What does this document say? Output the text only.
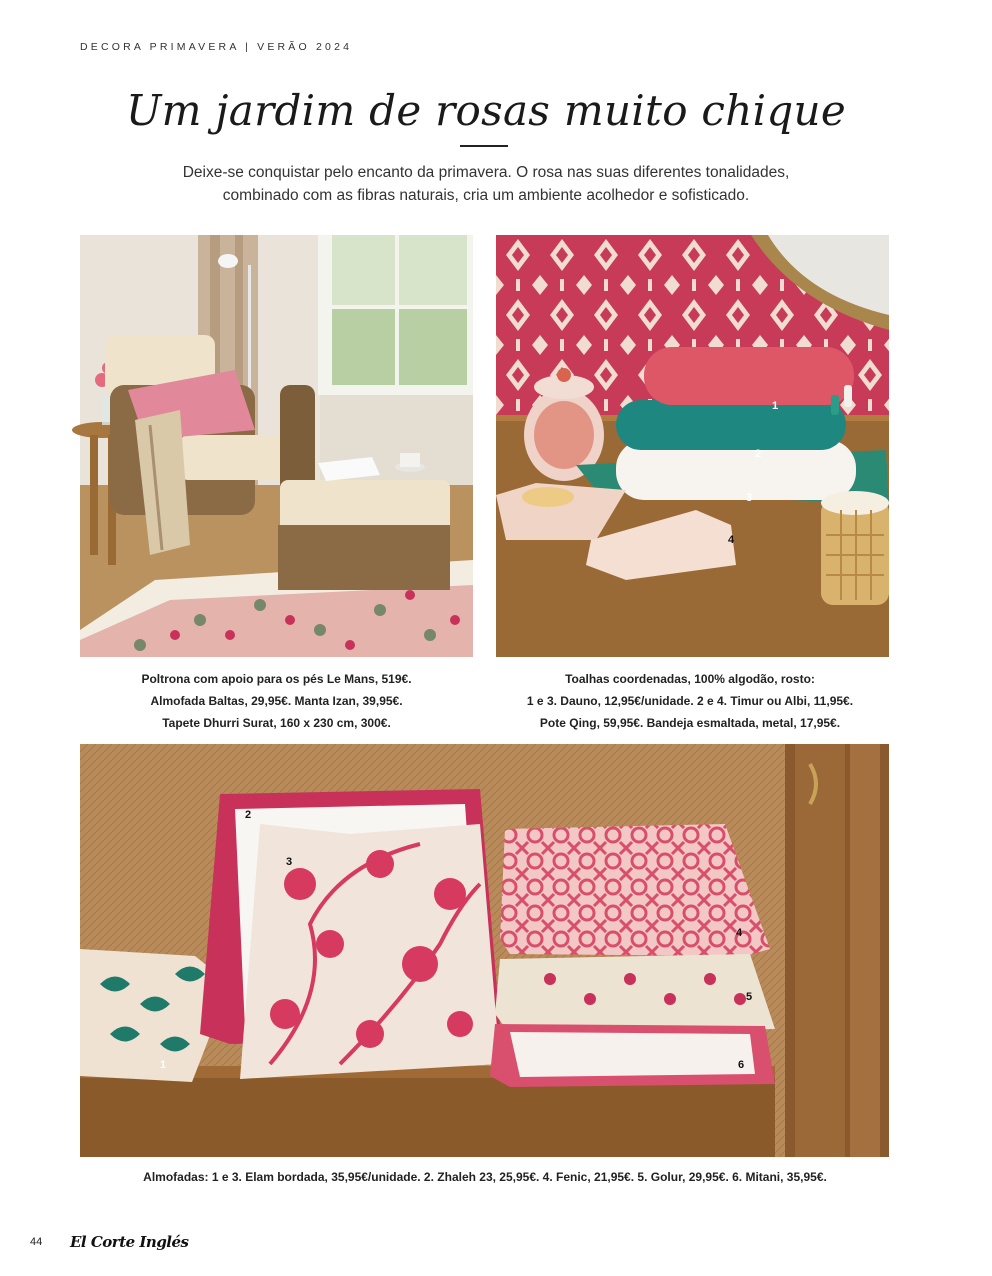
DECORA PRIMAVERA | VERÃO 2024
Um jardim de rosas muito chique

Deixe-se conquistar pelo encanto da primavera. O rosa nas suas diferentes tonalidades,
combinado com as fibras naturais, cria um ambiente acolhedor e sofisticado.

1
2
3
4
Poltrona com apoio para os pés Le Mans, 519€.
Almofada Baltas, 29,95€. Manta Izan, 39,95€.
Tapete Dhurri Surat, 160 x 230 cm, 300€.
Toalhas coordenadas, 100% algodão, rosto:
1 e 3. Dauno, 12,95€/unidade. 2 e 4. Timur ou Albi, 11,95€.
Pote Qing, 59,95€. Bandeja esmaltada, metal, 17,95€.
1
2
3
4
5
6
Almofadas: 1 e 3. Elam bordada, 35,95€/unidade. 2. Zhaleh 23, 25,95€. 4. Fenic, 21,95€. 5. Golur, 29,95€. 6. Mitani, 35,95€.
44 El Corte Inglés
